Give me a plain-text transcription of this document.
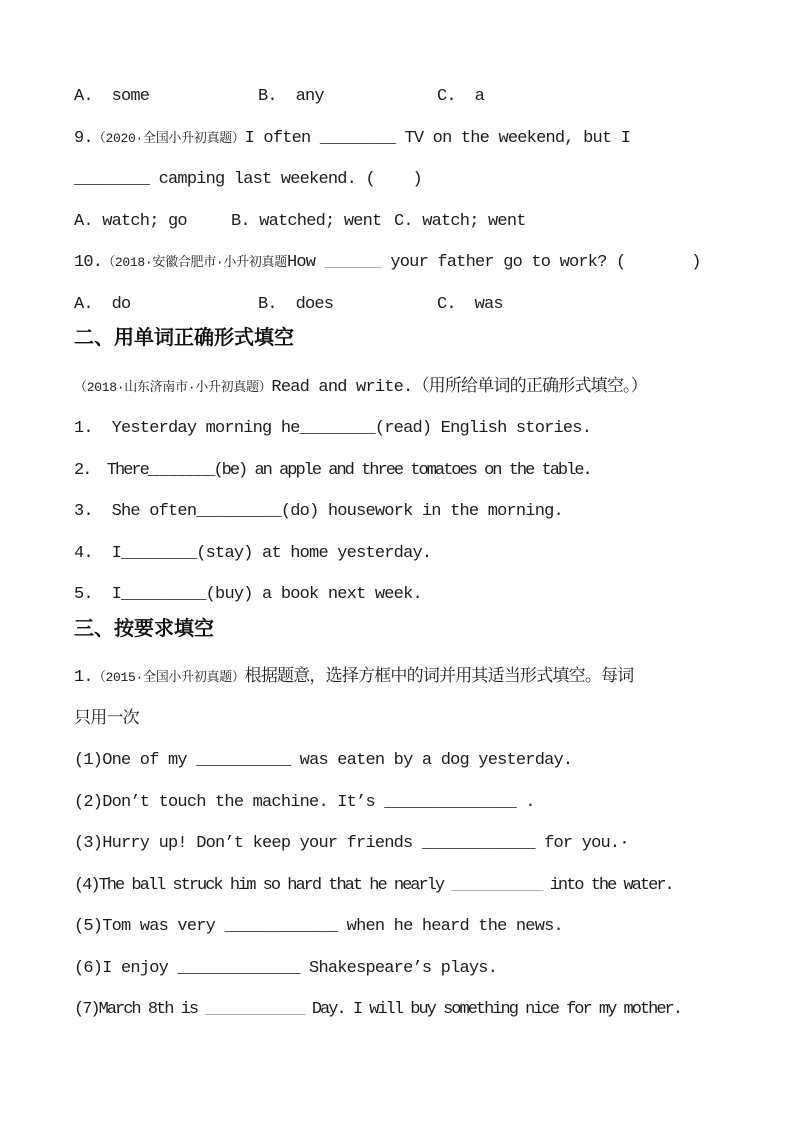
A.  some	B.  any	C.  a
9.（2020·全国小升初真题）I often ________ TV on the weekend, but I
________ camping last weekend. (    )
A. watch; go	B. watched; went C. watch; went
10.（2018·安徽合肥市·小升初真题How ______ your father go to work? (       )
A.  do	B.  does	C.  was
二、用单词正确形式填空
（2018·山东济南市·小升初真题）Read and write.（用所给单词的正确形式填空。）
1.  Yesterday morning he________(read) English stories.
2.  There________(be) an apple and three tomatoes on the table.
3.  She often_________(do) housework in the morning.
4.  I________(stay) at home yesterday.
5.  I_________(buy) a book next week.
三、按要求填空
1.（2015·全国小升初真题）根据题意，选择方框中的词并用其适当形式填空。每词
只用一次
(1)One of my __________ was eaten by a dog yesterday.
(2)Don’t touch the machine. It’s ______________ .
(3)Hurry up! Don’t keep your friends ____________ for you.·
(4)The ball struck him so hard that he nearly ___________ into the water.
(5)Tom was very ____________ when he heard the news.
(6)I enjoy _____________ Shakespeare’s plays.
(7)March 8th is ____________ Day. I will buy something nice for my mother.
